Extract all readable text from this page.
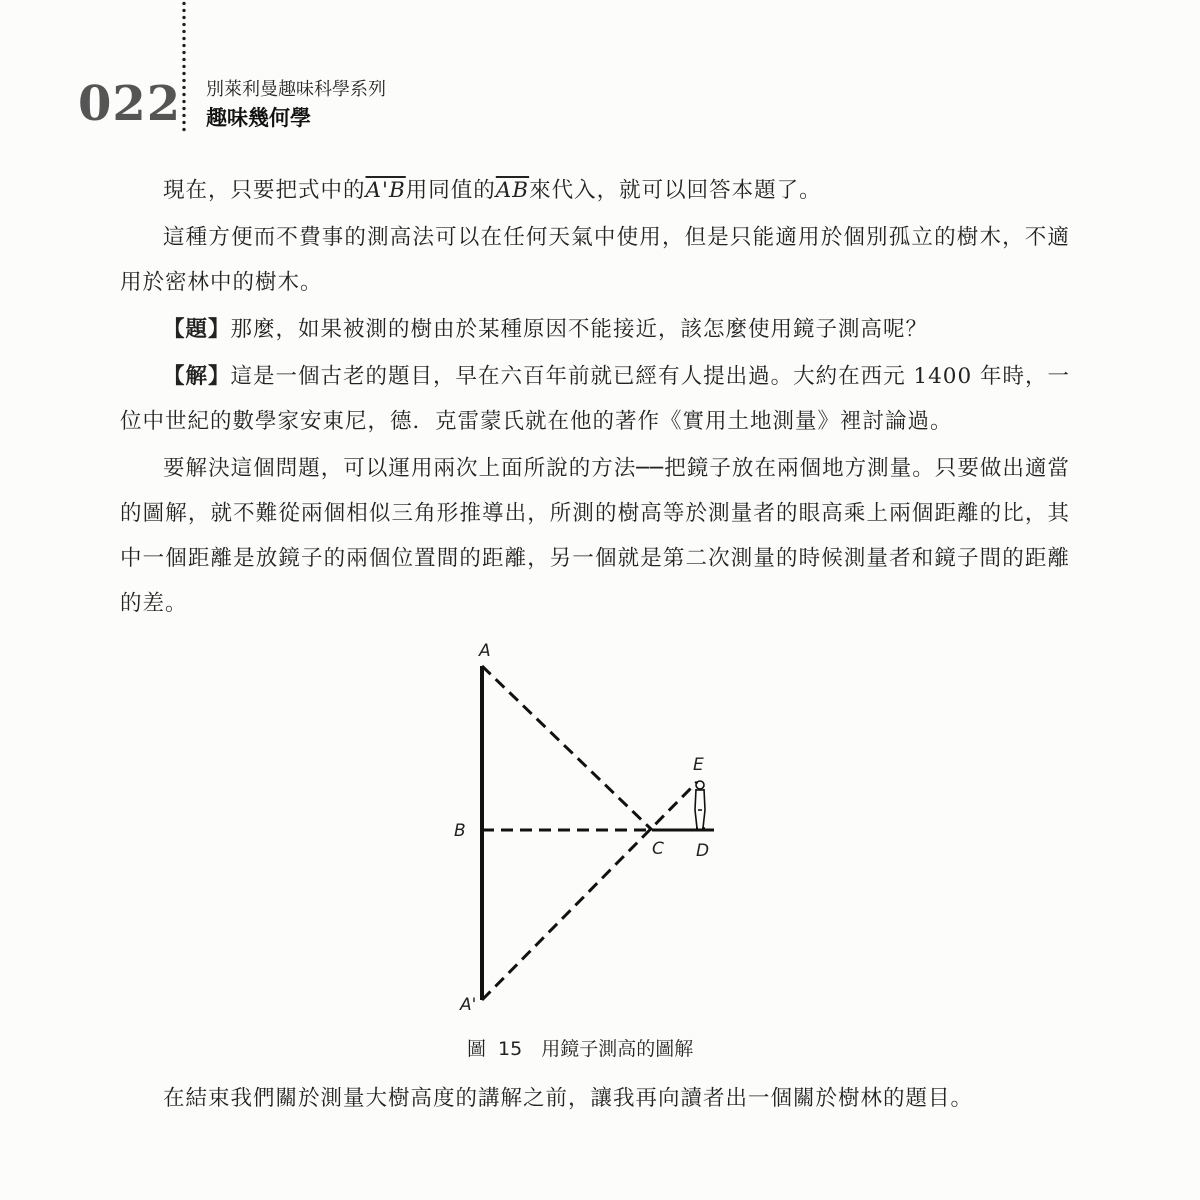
022 別萊利曼趣味科學系列
趣味幾何學

現在，只要把式中的A'B用同值的$\overline{AB}$來代入，就可以回答本題了。

這種方便而不費事的測高法可以在任何天氣中使用，但是只能適用於個別孤立的樹木，不適用於密林中的樹木。

【題】那麼，如果被測的樹由於某種原因不能接近，該怎麼使用鏡子測高呢？

【解】這是一個古老的題目，早在六百年前就已經有人提出過。大約在西元 1400 年時，一位中世紀的數學家安東尼，德．克雷蒙氏就在他的著作《實用土地測量》裡討論過。

要解決這個問題，可以運用兩次上面所說的方法──把鏡子放在兩個地方測量。只要做出適當的圖解，就不難從兩個相似三角形推導出，所測的樹高等於測量者的眼高乘上兩個距離的比，其中一個距離是放鏡子的兩個位置間的距離，另一個就是第二次測量的時候測量者和鏡子間的距離的差。

A
B
C D
E
A'
圖 15　用鏡子測高的圖解

在結束我們關於測量大樹高度的講解之前，讓我再向讀者出一個關於樹林的題目。
